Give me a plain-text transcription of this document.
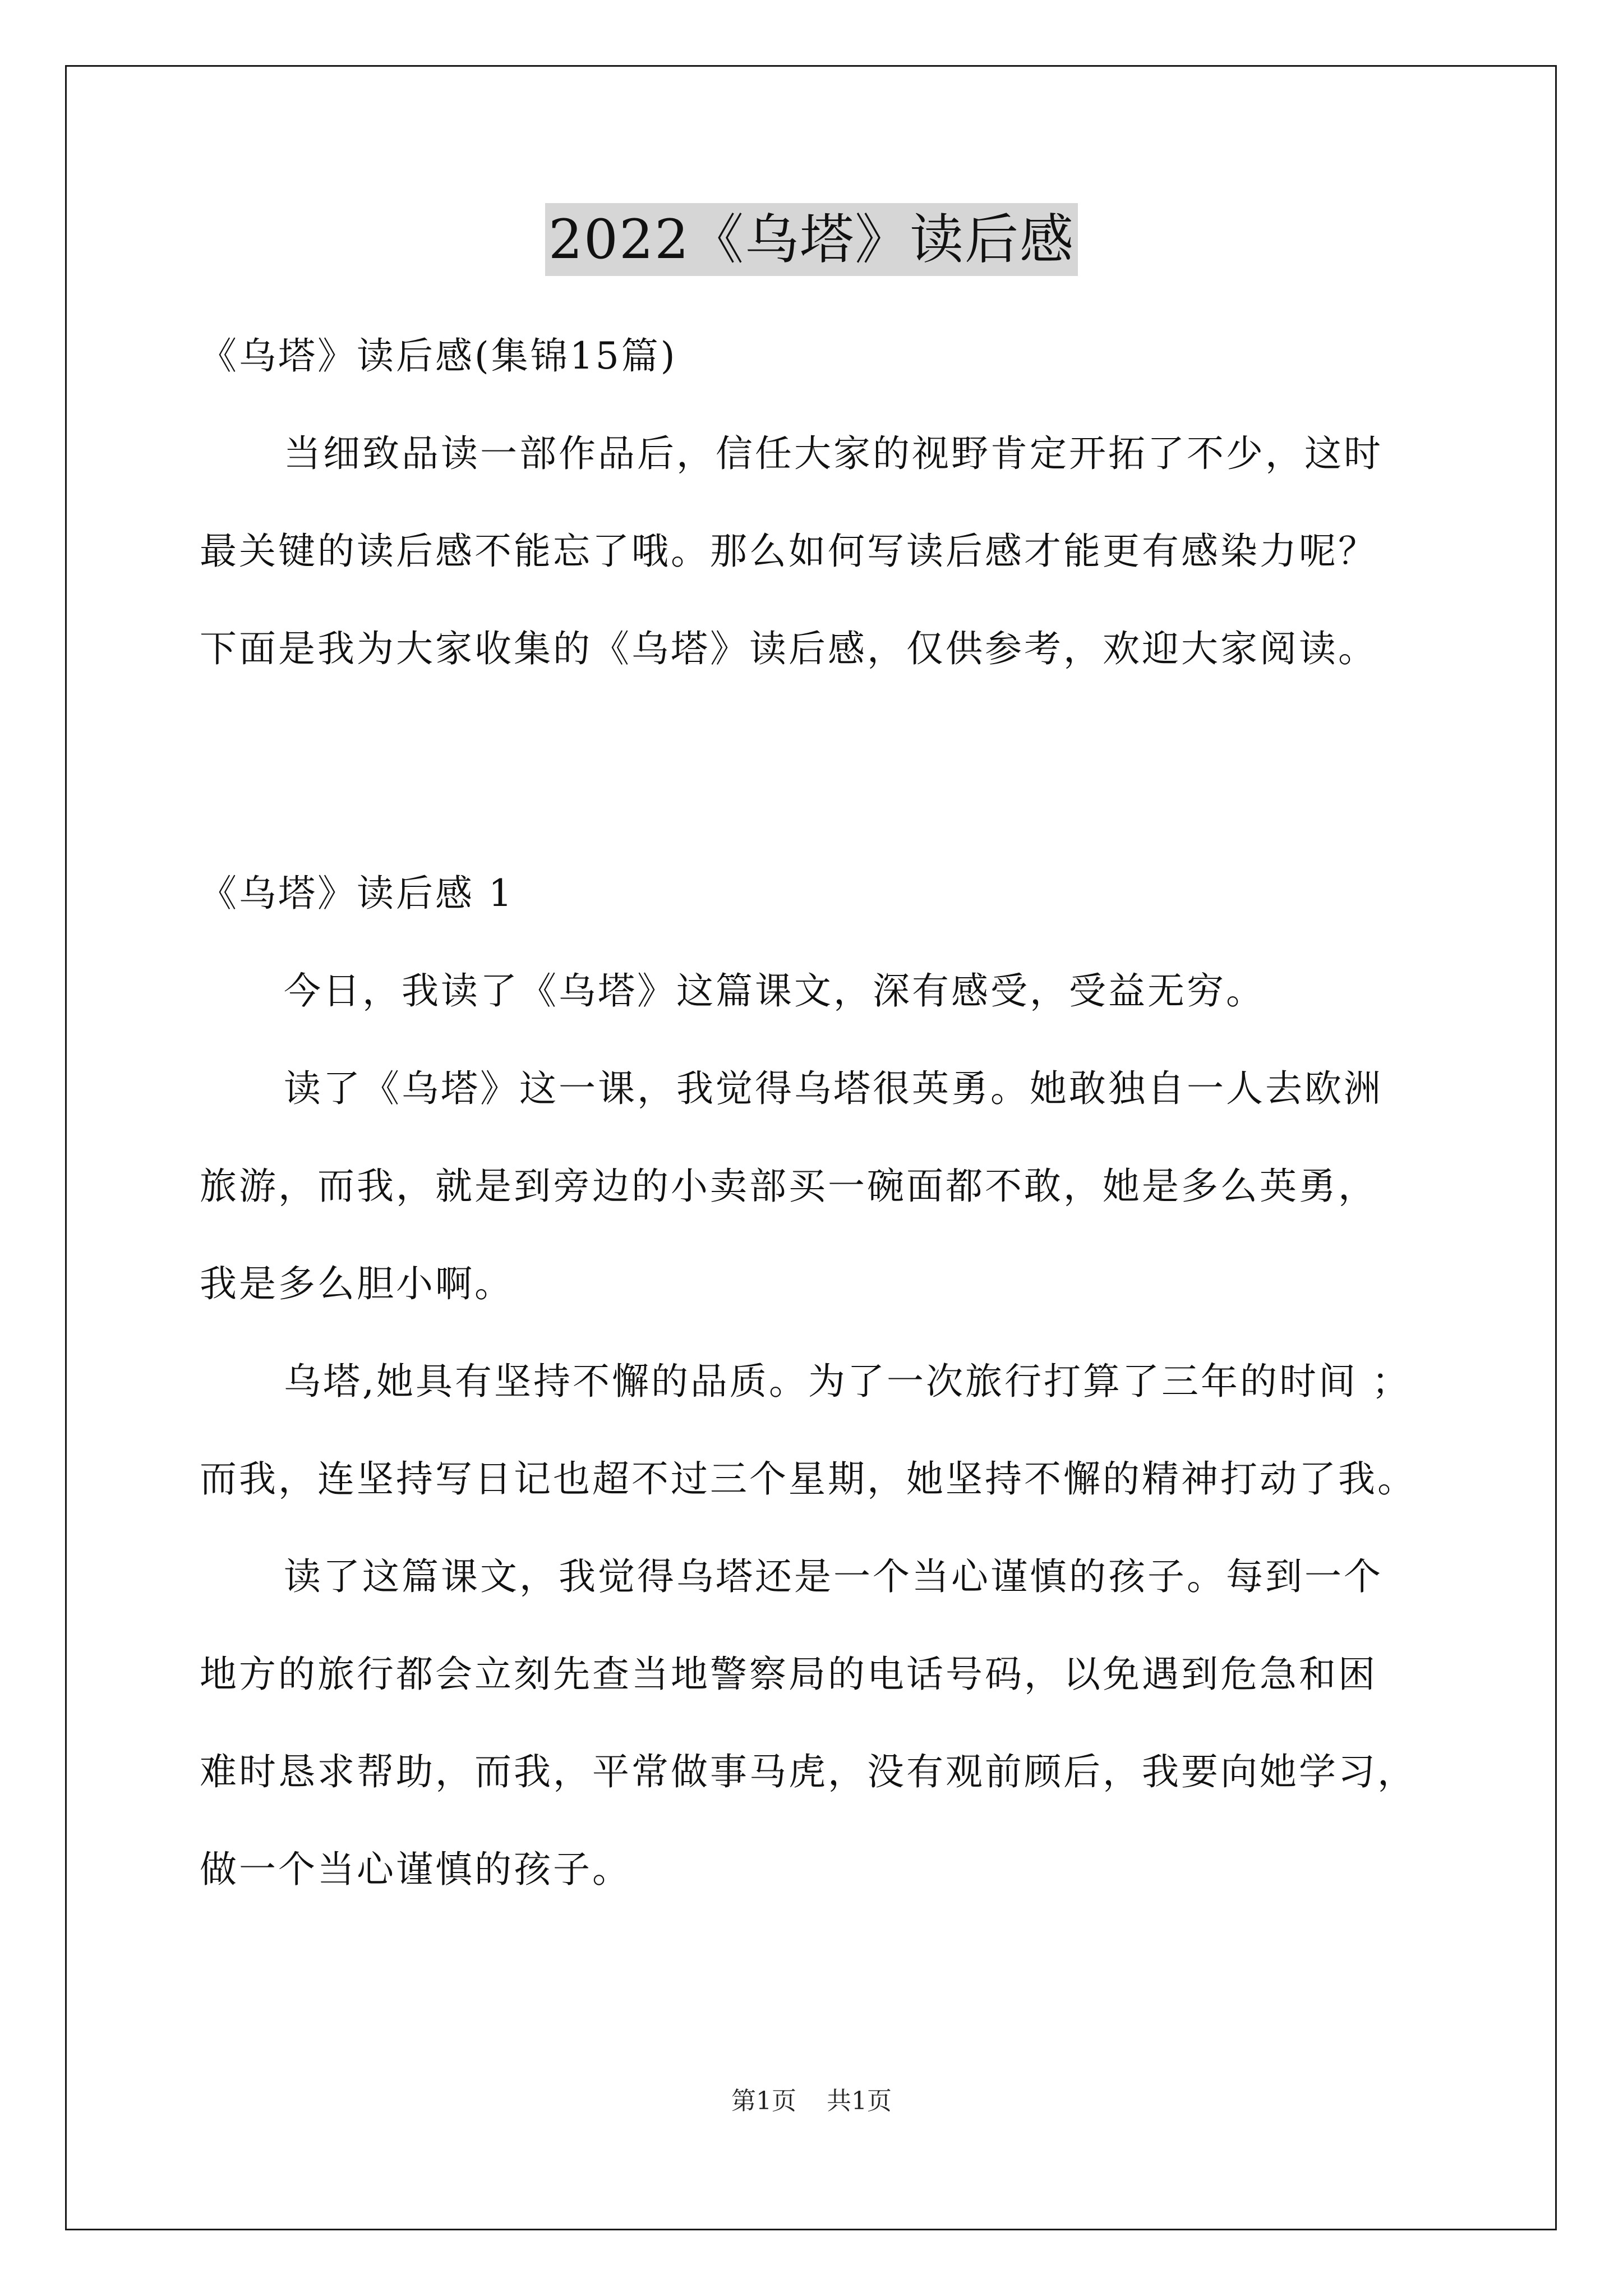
2022《乌塔》读后感

《乌塔》读后感(集锦15篇)

当细致品读一部作品后，信任大家的视野肯定开拓了不少，这时

最关键的读后感不能忘了哦。那么如何写读后感才能更有感染力呢？

下面是我为大家收集的《乌塔》读后感，仅供参考，欢迎大家阅读。

《乌塔》读后感 1

今日，我读了《乌塔》这篇课文，深有感受，受益无穷。

读了《乌塔》这一课，我觉得乌塔很英勇。她敢独自一人去欧洲

旅游，而我，就是到旁边的小卖部买一碗面都不敢，她是多么英勇，

我是多么胆小啊。

乌塔,她具有坚持不懈的品质。为了一次旅行打算了三年的时间 ；

而我，连坚持写日记也超不过三个星期，她坚持不懈的精神打动了我。

读了这篇课文，我觉得乌塔还是一个当心谨慎的孩子。每到一个

地方的旅行都会立刻先查当地警察局的电话号码，以免遇到危急和困

难时恳求帮助，而我，平常做事马虎，没有观前顾后，我要向她学习，

做一个当心谨慎的孩子。

第1页 共1页
